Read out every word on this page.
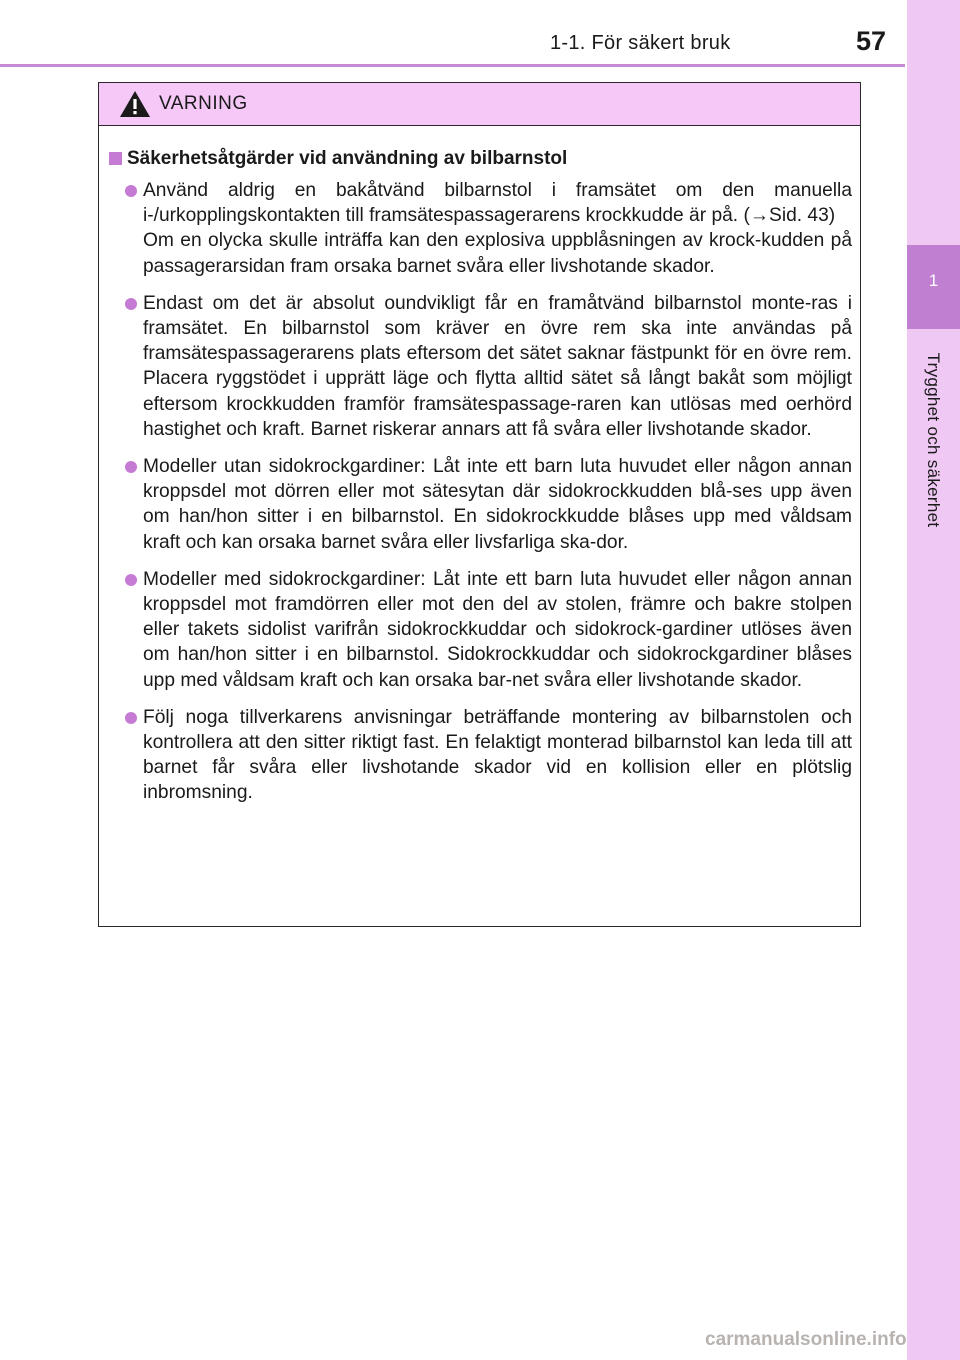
1
Trygghet och säkerhet
1-1. För säkert bruk	57
VARNING
Säkerhetsåtgärder vid användning av bilbarnstol
Använd aldrig en bakåtvänd bilbarnstol i framsätet om den manuella i-/urkopplingskontakten till framsätespassagerarens krockkudde är på. (→Sid. 43)
Om en olycka skulle inträffa kan den explosiva uppblåsningen av krock-kudden på passagerarsidan fram orsaka barnet svåra eller livshotande skador.
Endast om det är absolut oundvikligt får en framåtvänd bilbarnstol monte-ras i framsätet. En bilbarnstol som kräver en övre rem ska inte användas på framsätespassagerarens plats eftersom det sätet saknar fästpunkt för en övre rem. Placera ryggstödet i upprätt läge och flytta alltid sätet så långt bakåt som möjligt eftersom krockkudden framför framsätespassage-raren kan utlösas med oerhörd hastighet och kraft. Barnet riskerar annars att få svåra eller livshotande skador.
Modeller utan sidokrockgardiner: Låt inte ett barn luta huvudet eller någon annan kroppsdel mot dörren eller mot sätesytan där sidokrockkudden blå-ses upp även om han/hon sitter i en bilbarnstol. En sidokrockkudde blåses upp med våldsam kraft och kan orsaka barnet svåra eller livsfarliga ska-dor.
Modeller med sidokrockgardiner: Låt inte ett barn luta huvudet eller någon annan kroppsdel mot framdörren eller mot den del av stolen, främre och bakre stolpen eller takets sidolist varifrån sidokrockkuddar och sidokrock-gardiner utlöses även om han/hon sitter i en bilbarnstol. Sidokrockkuddar och sidokrockgardiner blåses upp med våldsam kraft och kan orsaka bar-net svåra eller livshotande skador.
Följ noga tillverkarens anvisningar beträffande montering av bilbarnstolen och kontrollera att den sitter riktigt fast. En felaktigt monterad bilbarnstol kan leda till att barnet får svåra eller livshotande skador vid en kollision eller en plötslig inbromsning.
carmanualsonline.info
